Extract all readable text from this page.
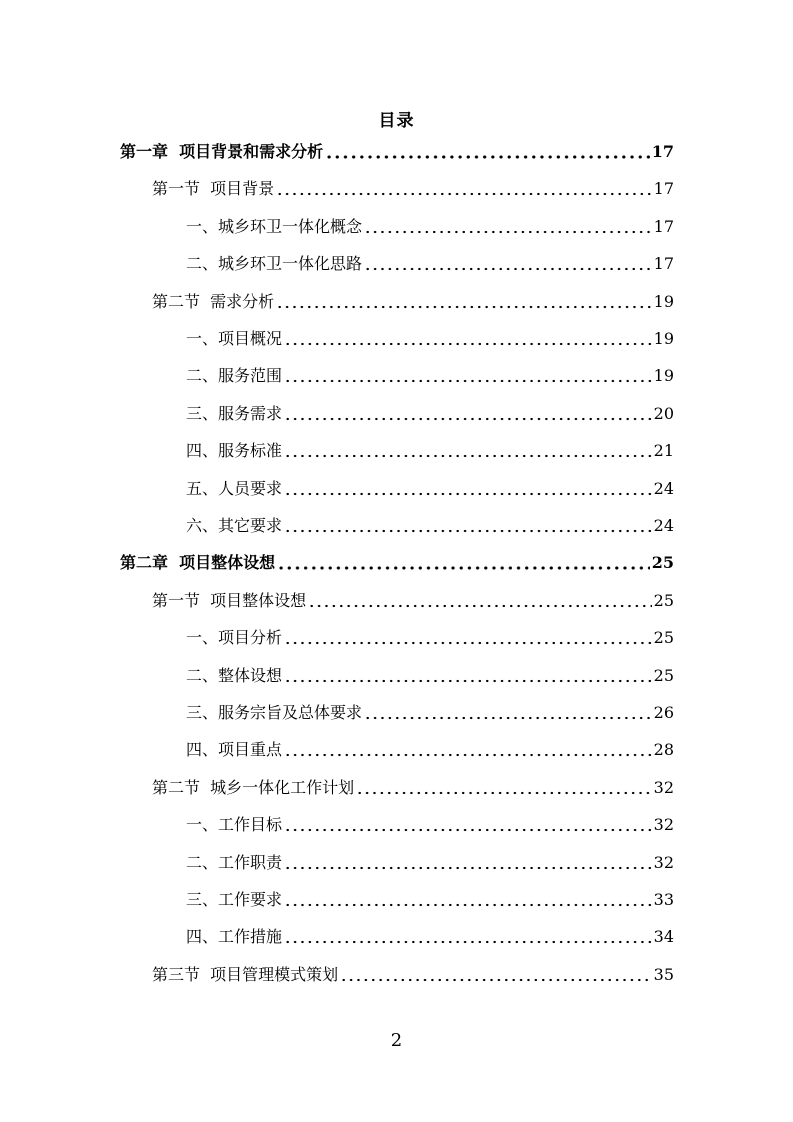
目录
第一章  项目背景和需求分析	17
第一节  项目背景	17
一、城乡环卫一体化概念	17
二、城乡环卫一体化思路	17
第二节  需求分析	19
一、项目概况	19
二、服务范围	19
三、服务需求	20
四、服务标准	21
五、人员要求	24
六、其它要求	24
第二章  项目整体设想	25
第一节  项目整体设想	25
一、项目分析	25
二、整体设想	25
三、服务宗旨及总体要求	26
四、项目重点	28
第二节  城乡一体化工作计划	32
一、工作目标	32
二、工作职责	32
三、工作要求	33
四、工作措施	34
第三节  项目管理模式策划	35
2
